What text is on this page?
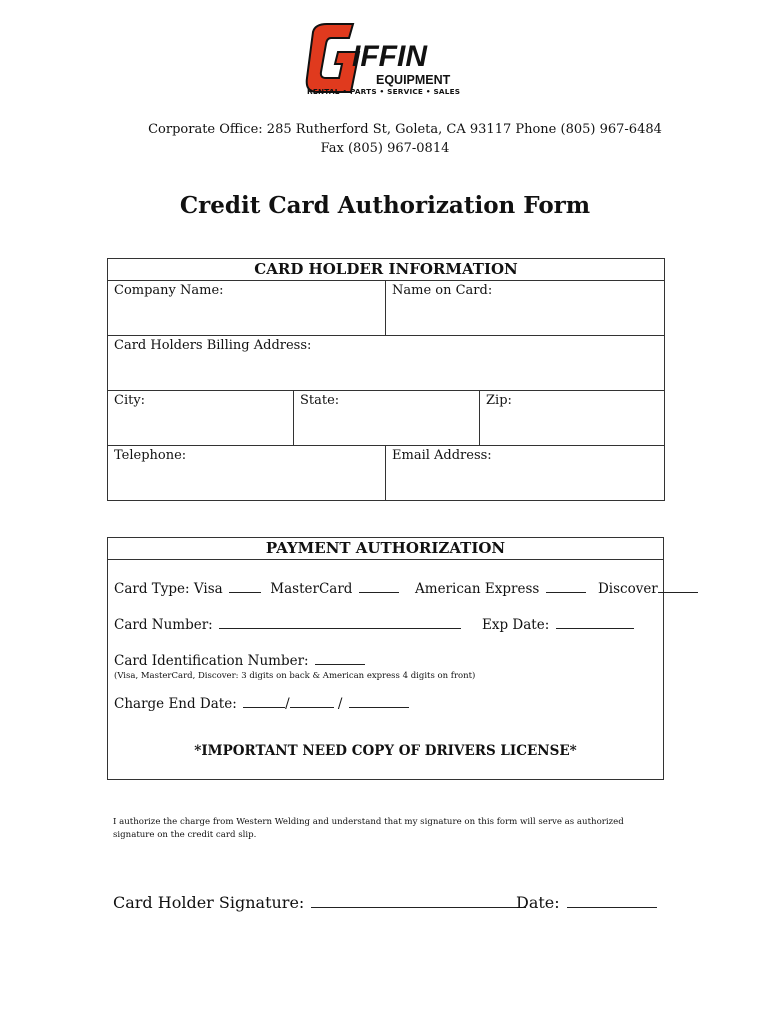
IFFIN
EQUIPMENT
RENTAL • PARTS • SERVICE • SALES
Corporate Office: 285 Rutherford St, Goleta, CA 93117 Phone (805) 967-6484
Fax (805) 967-0814
Credit Card Authorization Form
CARD HOLDER INFORMATION			

Company Name:		Name on Card:	

Card Holders Billing Address:			

City:	State:		Zip:

Telephone:		Email Address:	
PAYMENT AUTHORIZATION
Card Type: Visa	MasterCard	American Express	Discover
Card Number:	Exp Date:
Card Identification Number:
(Visa, MasterCard, Discover: 3 digits on back & American express 4 digits on front)
Charge End Date:	/	/
*IMPORTANT NEED COPY OF DRIVERS LICENSE*
I authorize the charge from Western Welding and understand that my signature on this form will serve as authorized signature on the credit card slip.
Card Holder Signature:	Date:
